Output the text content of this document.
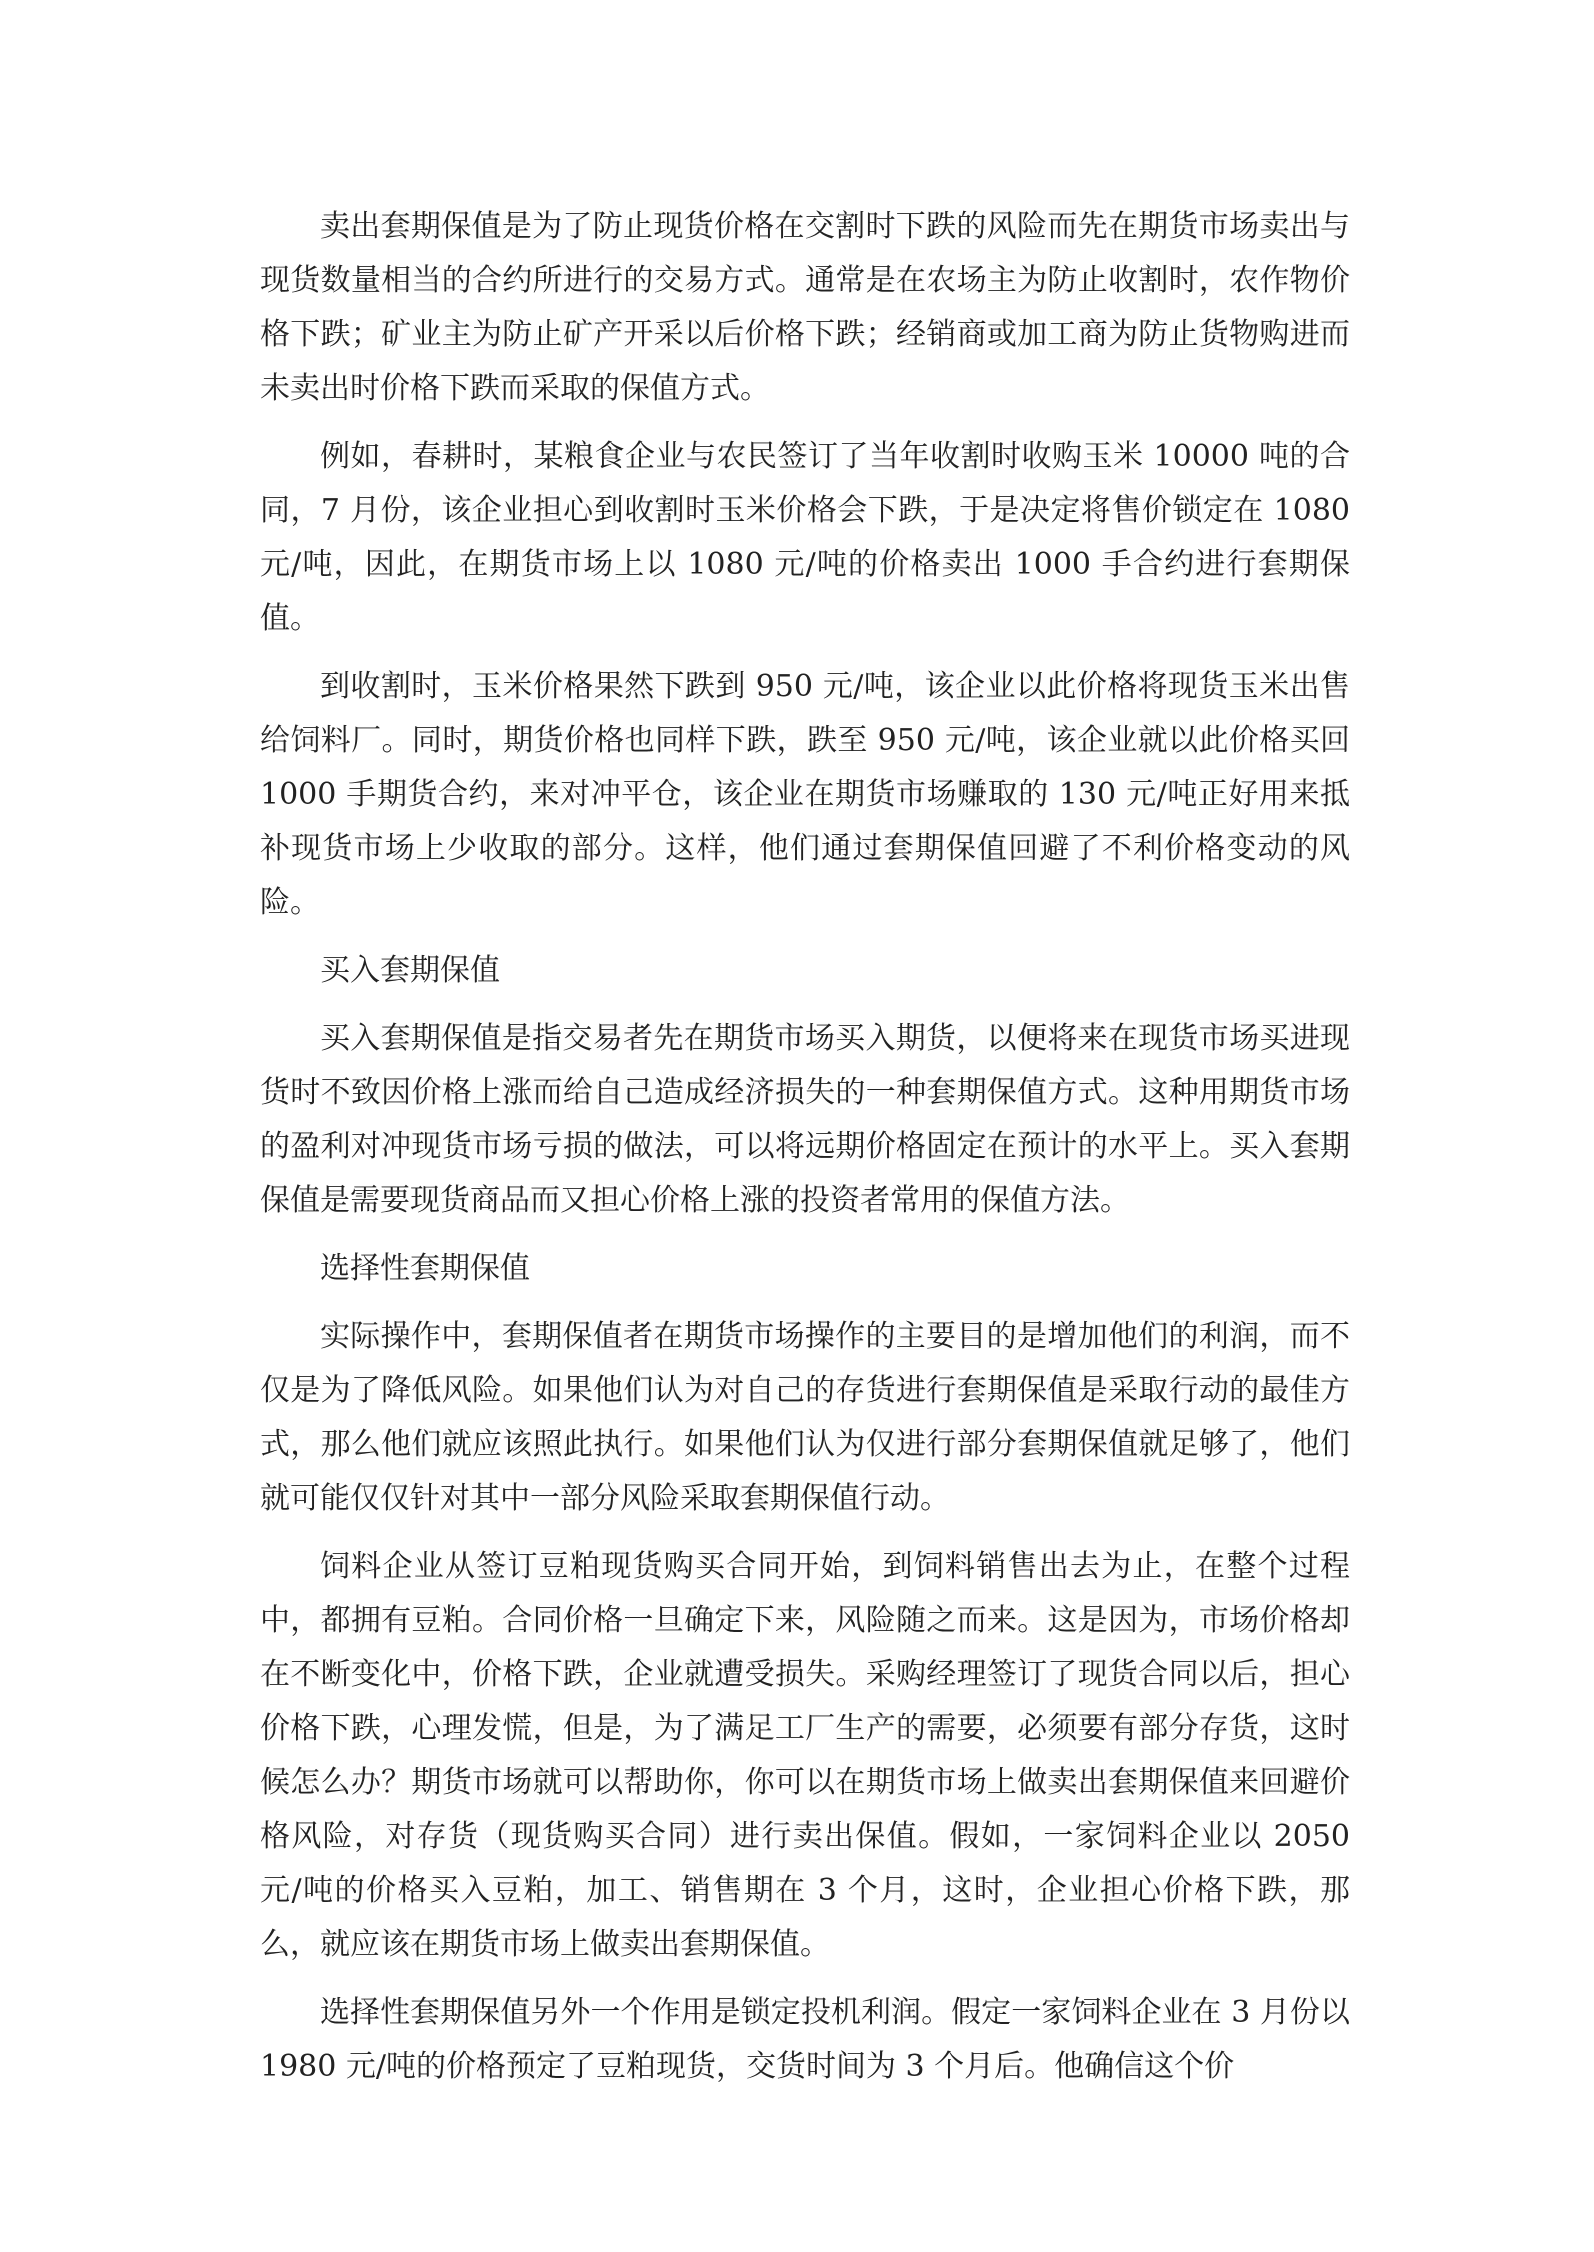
卖出套期保值是为了防止现货价格在交割时下跌的风险而先在期货市场卖出与现货数量相当的合约所进行的交易方式。通常是在农场主为防止收割时，农作物价格下跌；矿业主为防止矿产开采以后价格下跌；经销商或加工商为防止货物购进而未卖出时价格下跌而采取的保值方式。

例如，春耕时，某粮食企业与农民签订了当年收割时收购玉米 10000 吨的合同，7 月份，该企业担心到收割时玉米价格会下跌，于是决定将售价锁定在 1080 元/吨，因此，在期货市场上以 1080 元/吨的价格卖出 1000 手合约进行套期保值。

到收割时，玉米价格果然下跌到 950 元/吨，该企业以此价格将现货玉米出售给饲料厂。同时，期货价格也同样下跌，跌至 950 元/吨，该企业就以此价格买回 1000 手期货合约，来对冲平仓，该企业在期货市场赚取的 130 元/吨正好用来抵补现货市场上少收取的部分。这样，他们通过套期保值回避了不利价格变动的风险。

买入套期保值

买入套期保值是指交易者先在期货市场买入期货，以便将来在现货市场买进现货时不致因价格上涨而给自己造成经济损失的一种套期保值方式。这种用期货市场的盈利对冲现货市场亏损的做法，可以将远期价格固定在预计的水平上。买入套期保值是需要现货商品而又担心价格上涨的投资者常用的保值方法。

选择性套期保值

实际操作中，套期保值者在期货市场操作的主要目的是增加他们的利润，而不仅是为了降低风险。如果他们认为对自己的存货进行套期保值是采取行动的最佳方式，那么他们就应该照此执行。如果他们认为仅进行部分套期保值就足够了，他们就可能仅仅针对其中一部分风险采取套期保值行动。

饲料企业从签订豆粕现货购买合同开始，到饲料销售出去为止，在整个过程中，都拥有豆粕。合同价格一旦确定下来，风险随之而来。这是因为，市场价格却在不断变化中，价格下跌，企业就遭受损失。采购经理签订了现货合同以后，担心价格下跌，心理发慌，但是，为了满足工厂生产的需要，必须要有部分存货，这时候怎么办？期货市场就可以帮助你，你可以在期货市场上做卖出套期保值来回避价格风险，对存货（现货购买合同）进行卖出保值。假如，一家饲料企业以 2050 元/吨的价格买入豆粕，加工、销售期在 3 个月，这时，企业担心价格下跌，那么，就应该在期货市场上做卖出套期保值。

选择性套期保值另外一个作用是锁定投机利润。假定一家饲料企业在 3 月份以 1980 元/吨的价格预定了豆粕现货，交货时间为 3 个月后。他确信这个价
